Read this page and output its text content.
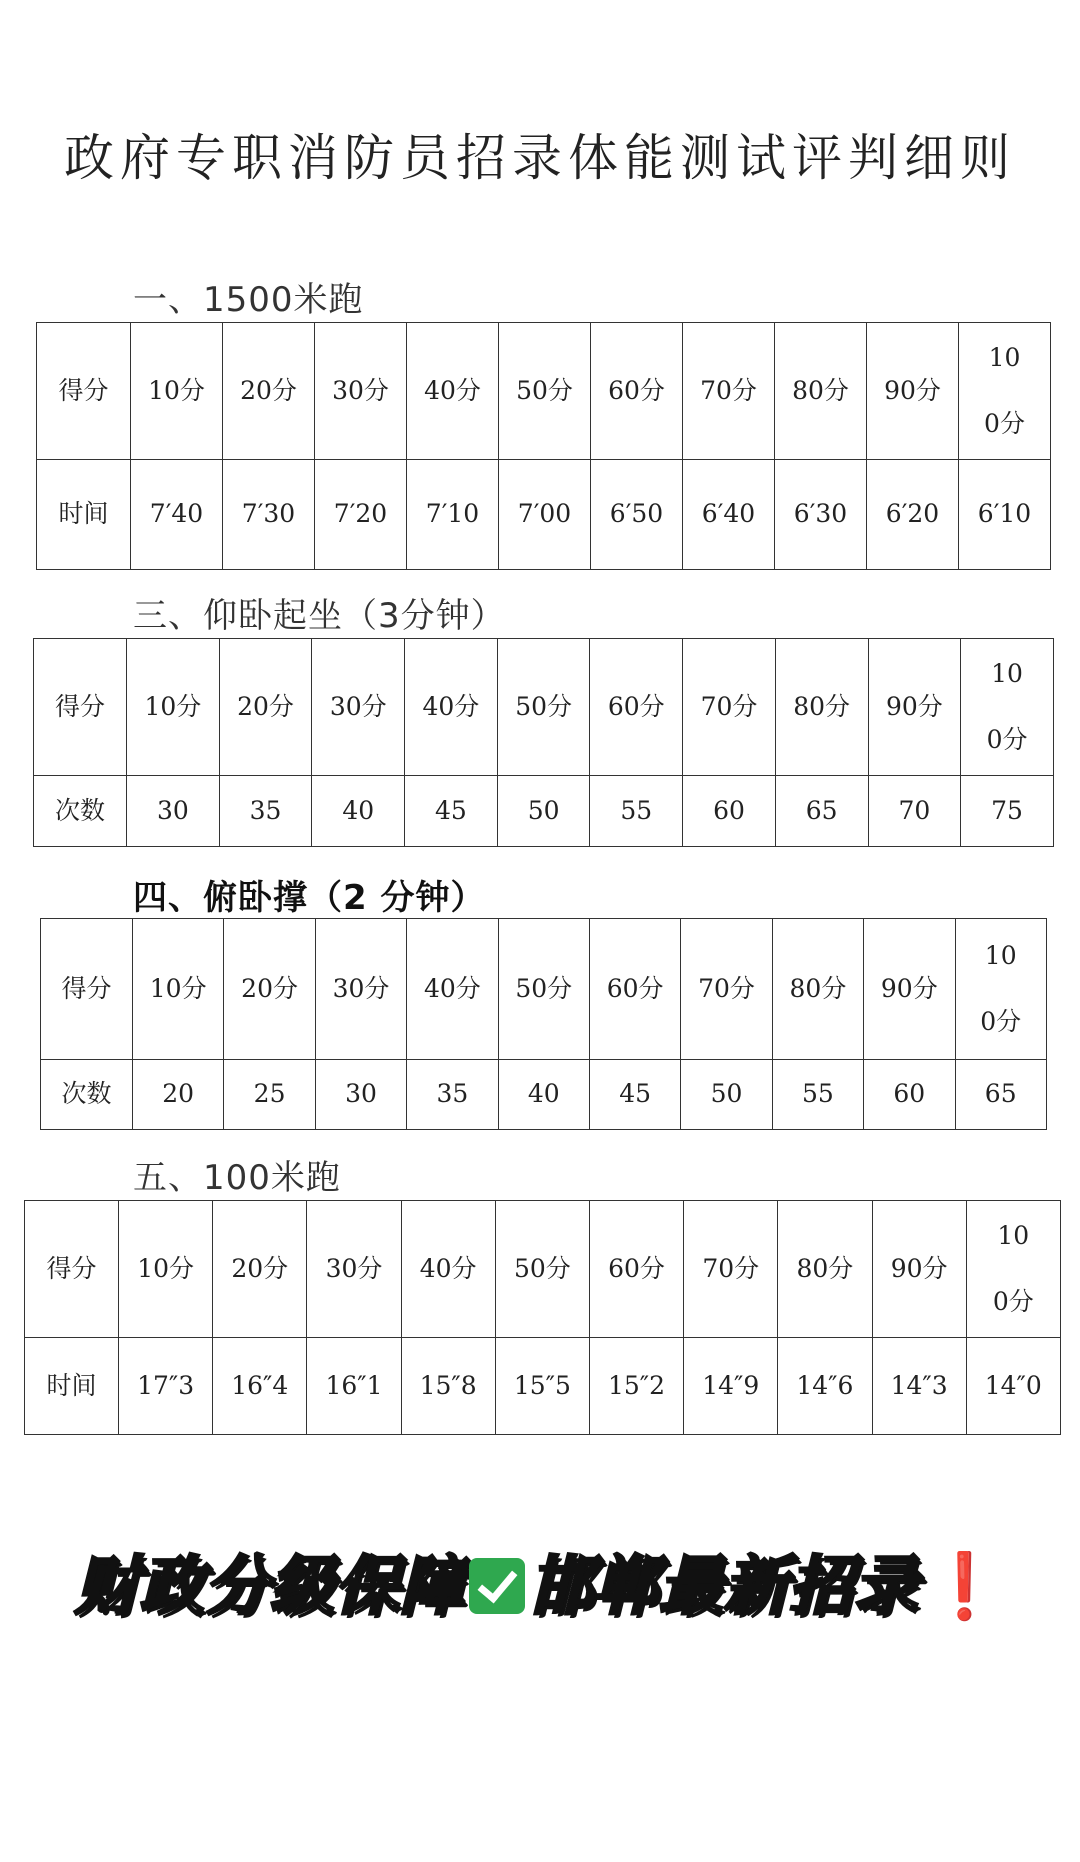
政府专职消防员招录体能测试评判细则
一、1500米跑
得分	10分	20分	30分	40分	50分	60分	70分	80分	90分	100分
时间	7′40	7′30	7′20	7′10	7′00	6′50	6′40	6′30	6′20	6′10
三、仰卧起坐（3分钟）
得分	10分	20分	30分	40分	50分	60分	70分	80分	90分	100分
次数	30	35	40	45	50	55	60	65	70	75
四、俯卧撑（2 分钟）
得分	10分	20分	30分	40分	50分	60分	70分	80分	90分	100分
次数	20	25	30	35	40	45	50	55	60	65
五、100米跑
得分	10分	20分	30分	40分	50分	60分	70分	80分	90分	100分
时间	17″3	16″4	16″1	15″8	15″5	15″2	14″9	14″6	14″3	14″0
财政分级保障 邯郸最新招录❗
